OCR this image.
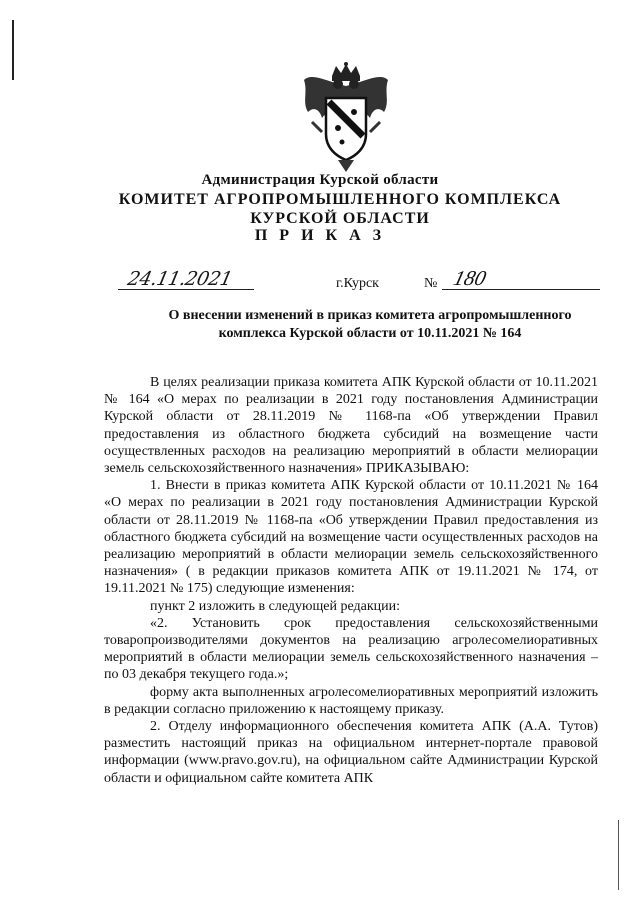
Администрация Курской области
КОМИТЕТ АГРОПРОМЫШЛЕННОГО КОМПЛЕКСА
КУРСКОЙ ОБЛАСТИ
П Р И К А З
24.11.2021	г.Курск	№ 180
О внесении изменений в приказ комитета агропромышленного
комплекса Курской области от 10.11.2021 № 164

В целях реализации приказа комитета АПК Курской области от 10.11.2021 № 164 «О мерах по реализации в 2021 году постановления Администрации Курской области от 28.11.2019 № 1168-па «Об утверждении Правил предоставления из областного бюджета субсидий на возмещение части осуществленных расходов на реализацию мероприятий в области мелиорации земель сельскохозяйственного назначения» ПРИКАЗЫВАЮ:

1. Внести в приказ комитета АПК Курской области от 10.11.2021 № 164 «О мерах по реализации в 2021 году постановления Администрации Курской области от 28.11.2019 № 1168-па «Об утверждении Правил предоставления из областного бюджета субсидий на возмещение части осуществленных расходов на реализацию мероприятий в области мелиорации земель сельскохозяйственного назначения» ( в редакции приказов комитета АПК от 19.11.2021 № 174, от 19.11.2021 № 175) следующие изменения:

пункт 2 изложить в следующей редакции:

«2. Установить срок предоставления сельскохозяйственными товаропроизводителями документов на реализацию агролесомелиоративных мероприятий в области мелиорации земель сельскохозяйственного назначения – по 03 декабря текущего года.»;

форму акта выполненных агролесомелиоративных мероприятий изложить в редакции согласно приложению к настоящему приказу.

2. Отделу информационного обеспечения комитета АПК (А.А. Тутов) разместить настоящий приказ на официальном интернет-портале правовой информации (www.pravo.gov.ru), на официальном сайте Администрации Курской области и официальном сайте комитета АПК
